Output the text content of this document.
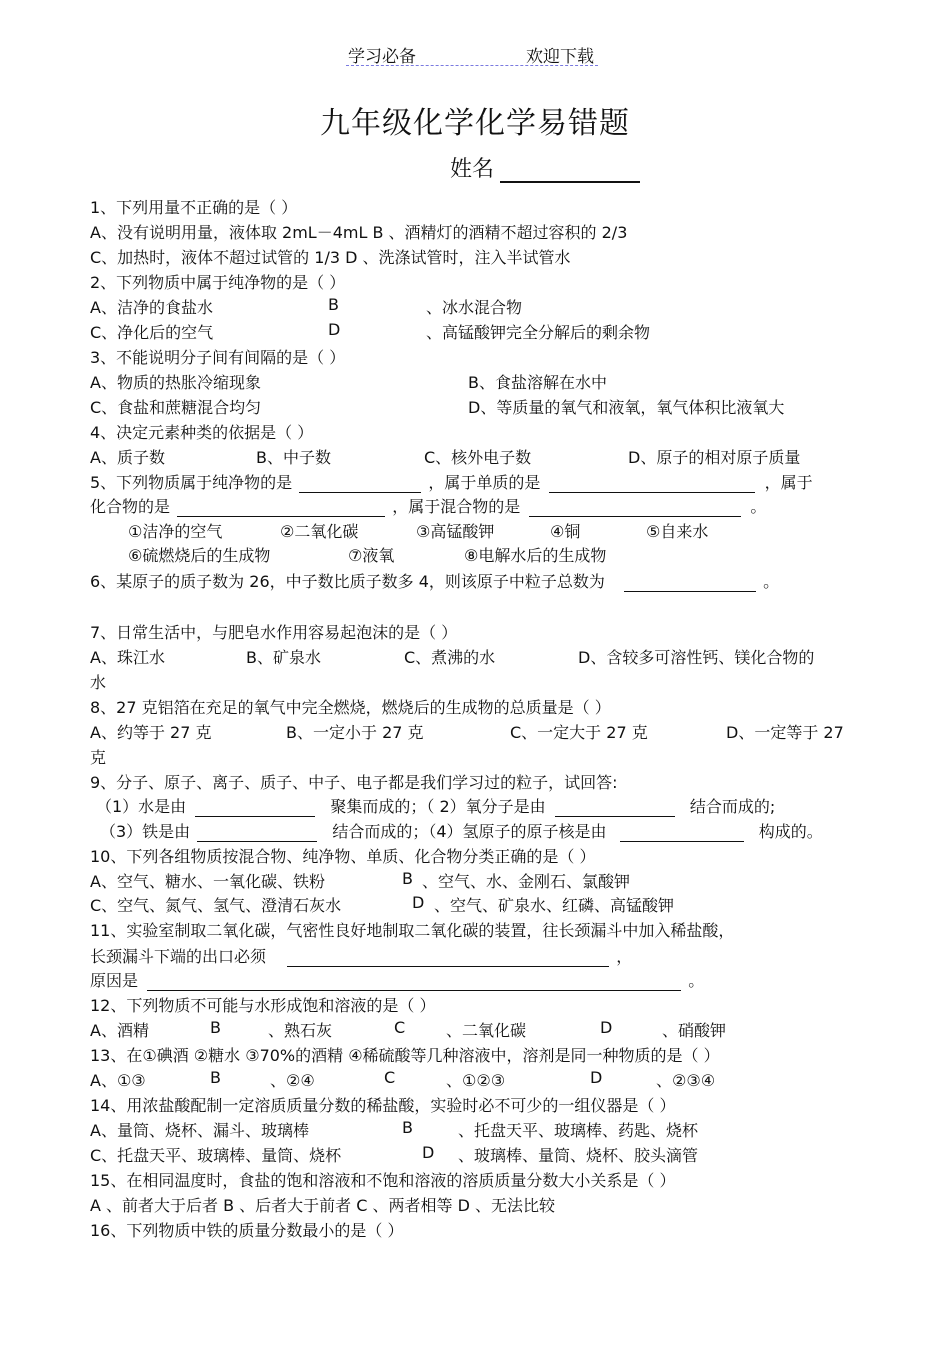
学习必备	欢迎下载
九年级化学化学易错题
姓名
1、下列用量不正确的是（ ）
A、没有说明用量，液体取 2mL－4mL B 、酒精灯的酒精不超过容积的 2/3
C、加热时，液体不超过试管的 1/3 D 、洗涤试管时，注入半试管水
2、下列物质中属于纯净物的是（ ）
A、洁净的食盐水	B	、冰水混合物
C、净化后的空气	D	、高锰酸钾完全分解后的剩余物
3、不能说明分子间有间隔的是（ ）
A、物质的热胀冷缩现象	B、食盐溶解在水中
C、食盐和蔗糖混合均匀	D、等质量的氧气和液氧，氧气体积比液氧大
4、决定元素种类的依据是（ ）
A、质子数	B、中子数	C、核外电子数	D、原子的相对原子质量
5、下列物质属于纯净物的是	，属于单质的是	，属于
化合物的是	，属于混合物的是	。
①洁净的空气	②二氧化碳	③高锰酸钾	④铜	⑤自来水
⑥硫燃烧后的生成物	⑦液氧	⑧电解水后的生成物
6、某原子的质子数为 26，中子数比质子数多 4，则该原子中粒子总数为	。
7、日常生活中，与肥皂水作用容易起泡沫的是（ ）
A、珠江水	B、矿泉水	C、煮沸的水	D、含较多可溶性钙、镁化合物的
水
8、27 克铝箔在充足的氧气中完全燃烧，燃烧后的生成物的总质量是（ ）
A、约等于 27 克	B、一定小于 27 克	C、一定大于 27 克	D、一定等于 27
克
9、分子、原子、离子、质子、中子、电子都是我们学习过的粒子，试回答:
（1）水是由	聚集而成的；（ 2）氧分子是由	结合而成的;
（3）铁是由	结合而成的；（4）氢原子的原子核是由	构成的。
10、下列各组物质按混合物、纯净物、单质、化合物分类正确的是（ ）
A、空气、糖水、一氧化碳、铁粉	B 、空气、水、金刚石、氯酸钾
C、空气、氮气、氢气、澄清石灰水	D 、空气、矿泉水、红磷、高锰酸钾
11、实验室制取二氧化碳，气密性良好地制取二氧化碳的装置，往长颈漏斗中加入稀盐酸，
长颈漏斗下端的出口必须	，
原因是	。
12、下列物质不可能与水形成饱和溶液的是（ ）
A、酒精	B	、熟石灰	C	、二氧化碳	D	、硝酸钾
13、在①碘酒 ②糖水 ③70%的酒精 ④稀硫酸等几种溶液中，溶剂是同一种物质的是（ ）
A、①③	B	、②④	C	、①②③	D	、②③④
14、用浓盐酸配制一定溶质质量分数的稀盐酸，实验时必不可少的一组仪器是（ ）
A、量筒、烧杯、漏斗、玻璃棒	B	、托盘天平、玻璃棒、药匙、烧杯
C、托盘天平、玻璃棒、量筒、烧杯	D 、玻璃棒、量筒、烧杯、胶头滴管
15、在相同温度时，食盐的饱和溶液和不饱和溶液的溶质质量分数大小关系是（ ）
A 、前者大于后者 B 、后者大于前者 C 、两者相等 D 、无法比较
16、下列物质中铁的质量分数最小的是（ ）
